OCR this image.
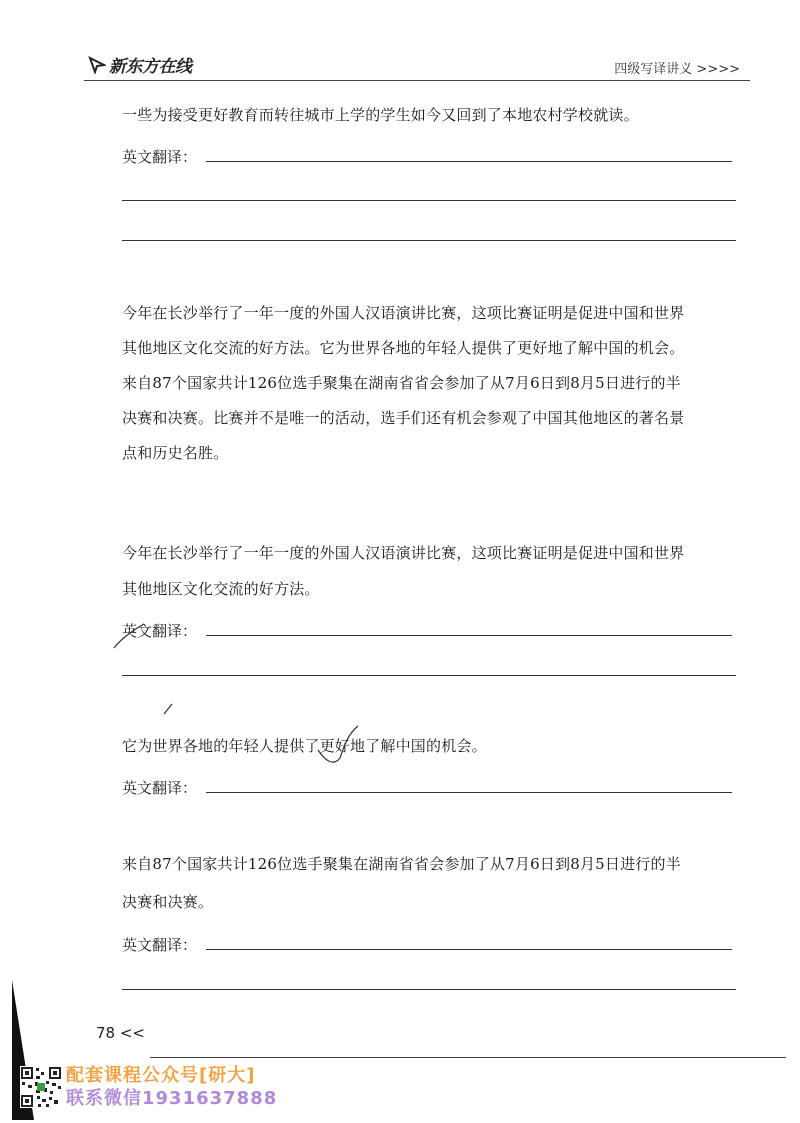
新东方在线	四级写译讲义 >>>>
一些为接受更好教育而转往城市上学的学生如今又回到了本地农村学校就读。
英文翻译：
今年在长沙举行了一年一度的外国人汉语演讲比赛，这项比赛证明是促进中国和世界
其他地区文化交流的好方法。它为世界各地的年轻人提供了更好地了解中国的机会。
来自87个国家共计126位选手聚集在湖南省省会参加了从7月6日到8月5日进行的半
决赛和决赛。比赛并不是唯一的活动，选手们还有机会参观了中国其他地区的著名景
点和历史名胜。
今年在长沙举行了一年一度的外国人汉语演讲比赛，这项比赛证明是促进中国和世界
其他地区文化交流的好方法。
英文翻译：
它为世界各地的年轻人提供了更好地了解中国的机会。
英文翻译：
来自87个国家共计126位选手聚集在湖南省省会参加了从7月6日到8月5日进行的半
决赛和决赛。
英文翻译：
78 <<
配套课程公众号[研大]
联系微信1931637888
